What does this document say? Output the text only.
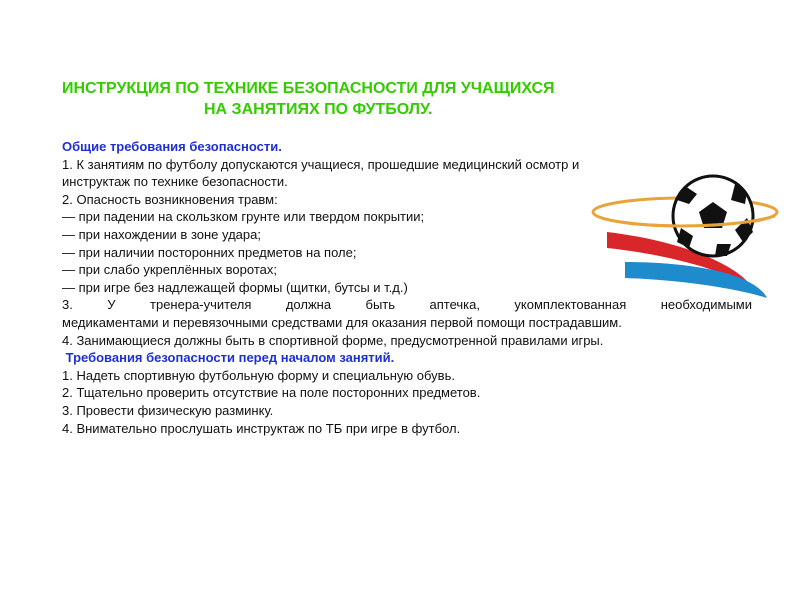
ИНСТРУКЦИЯ ПО ТЕХНИКЕ БЕЗОПАСНОСТИ ДЛЯ УЧАЩИХСЯ
НА ЗАНЯТИЯХ ПО ФУТБОЛУ.

Общие требования безопасности.

1. К занятиям по футболу допускаются учащиеся, прошедшие медицинский осмотр и

инструктаж по технике безопасности.

2. Опасность возникновения травм:

— при падении на скользком грунте или твердом покрытии;

— при нахождении в зоне удара;

— при наличии посторонних предметов на поле;

— при слабо укреплённых воротах;

— при игре без надлежащей формы (щитки, бутсы и т.д.)

3. У тренера-учителя должна быть аптечка, укомплектованная необходимыми

медикаментами и перевязочными средствами для оказания первой помощи пострадавшим.

4. Занимающиеся должны быть в спортивной форме, предусмотренной правилами игры.

Требования безопасности перед началом занятий.

1. Надеть спортивную футбольную форму и специальную обувь.

2. Тщательно проверить отсутствие на поле посторонних предметов.

3. Провести физическую разминку.

4. Внимательно прослушать инструктаж по ТБ при игре в футбол.
